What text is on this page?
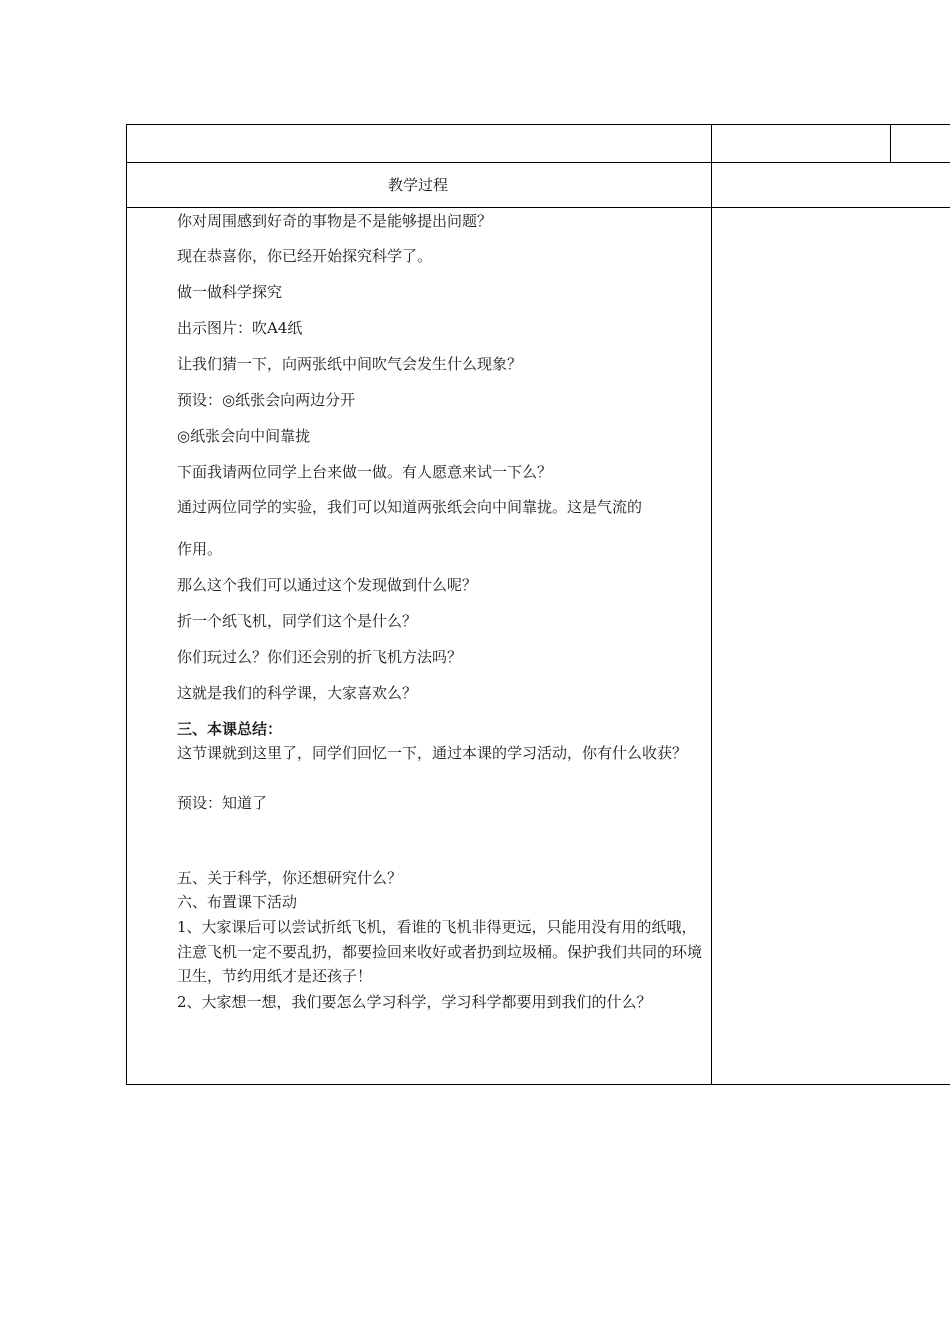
教学过程
你对周围感到好奇的事物是不是能够提出问题？
现在恭喜你，你已经开始探究科学了。
做一做科学探究
出示图片：吹A4纸
让我们猜一下，向两张纸中间吹气会发生什么现象？
预设：◎纸张会向两边分开
◎纸张会向中间靠拢
下面我请两位同学上台来做一做。有人愿意来试一下么？
通过两位同学的实验，我们可以知道两张纸会向中间靠拢。这是气流的
作用。
那么这个我们可以通过这个发现做到什么呢？
折一个纸飞机，同学们这个是什么？
你们玩过么？你们还会别的折飞机方法吗？
这就是我们的科学课，大家喜欢么？
三、本课总结：
这节课就到这里了，同学们回忆一下，通过本课的学习活动，你有什么收获？
预设：知道了
五、关于科学，你还想研究什么？
六、布置课下活动
1、大家课后可以尝试折纸飞机，看谁的飞机非得更远，只能用没有用的纸哦，注意飞机一定不要乱扔，都要捡回来收好或者扔到垃圾桶。保护我们共同的环境卫生，节约用纸才是还孩子！
2、大家想一想，我们要怎么学习科学，学习科学都要用到我们的什么？
